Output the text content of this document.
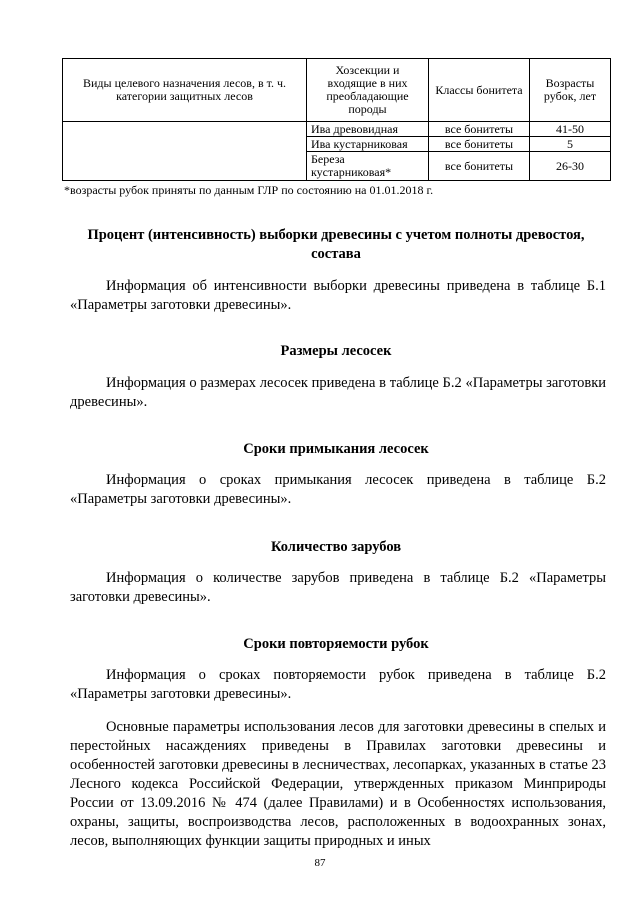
Виды целевого назначения лесов, в т. ч. категории защитных лесов	Хозсекции и входящие в них преобладающие породы	Классы бонитета	Возрасты рубок, лет
	Ива древовидная	все бонитеты	41-50
	Ива кустарниковая	все бонитеты	5
	Береза кустарниковая*	все бонитеты	26-30
*возрасты рубок приняты по данным ГЛР по состоянию на 01.01.2018 г.
Процент (интенсивность) выборки древесины с учетом полноты древостоя, состава

Информация об интенсивности выборки древесины приведена в таблице Б.1 «Параметры заготовки древесины».

Размеры лесосек

Информация о размерах лесосек приведена в таблице Б.2 «Параметры заготовки древесины».

Сроки примыкания лесосек

Информация о сроках примыкания лесосек приведена в таблице Б.2 «Параметры заготовки древесины».

Количество зарубов

Информация о количестве зарубов приведена в таблице Б.2 «Параметры заготовки древесины».

Сроки повторяемости рубок

Информация о сроках повторяемости рубок приведена в таблице Б.2 «Параметры заготовки древесины».

Основные параметры использования лесов для заготовки древесины в спелых и перестойных насаждениях приведены в Правилах заготовки древесины и особенностей заготовки древесины в лесничествах, лесопарках, указанных в статье 23 Лесного кодекса Российской Федерации, утвержденных приказом Минприроды России от 13.09.2016 № 474 (далее Правилами) и в Особенностях использования, охраны, защиты, воспроизводства лесов, расположенных в водоохранных зонах, лесов, выполняющих функции защиты природных и иных

87
